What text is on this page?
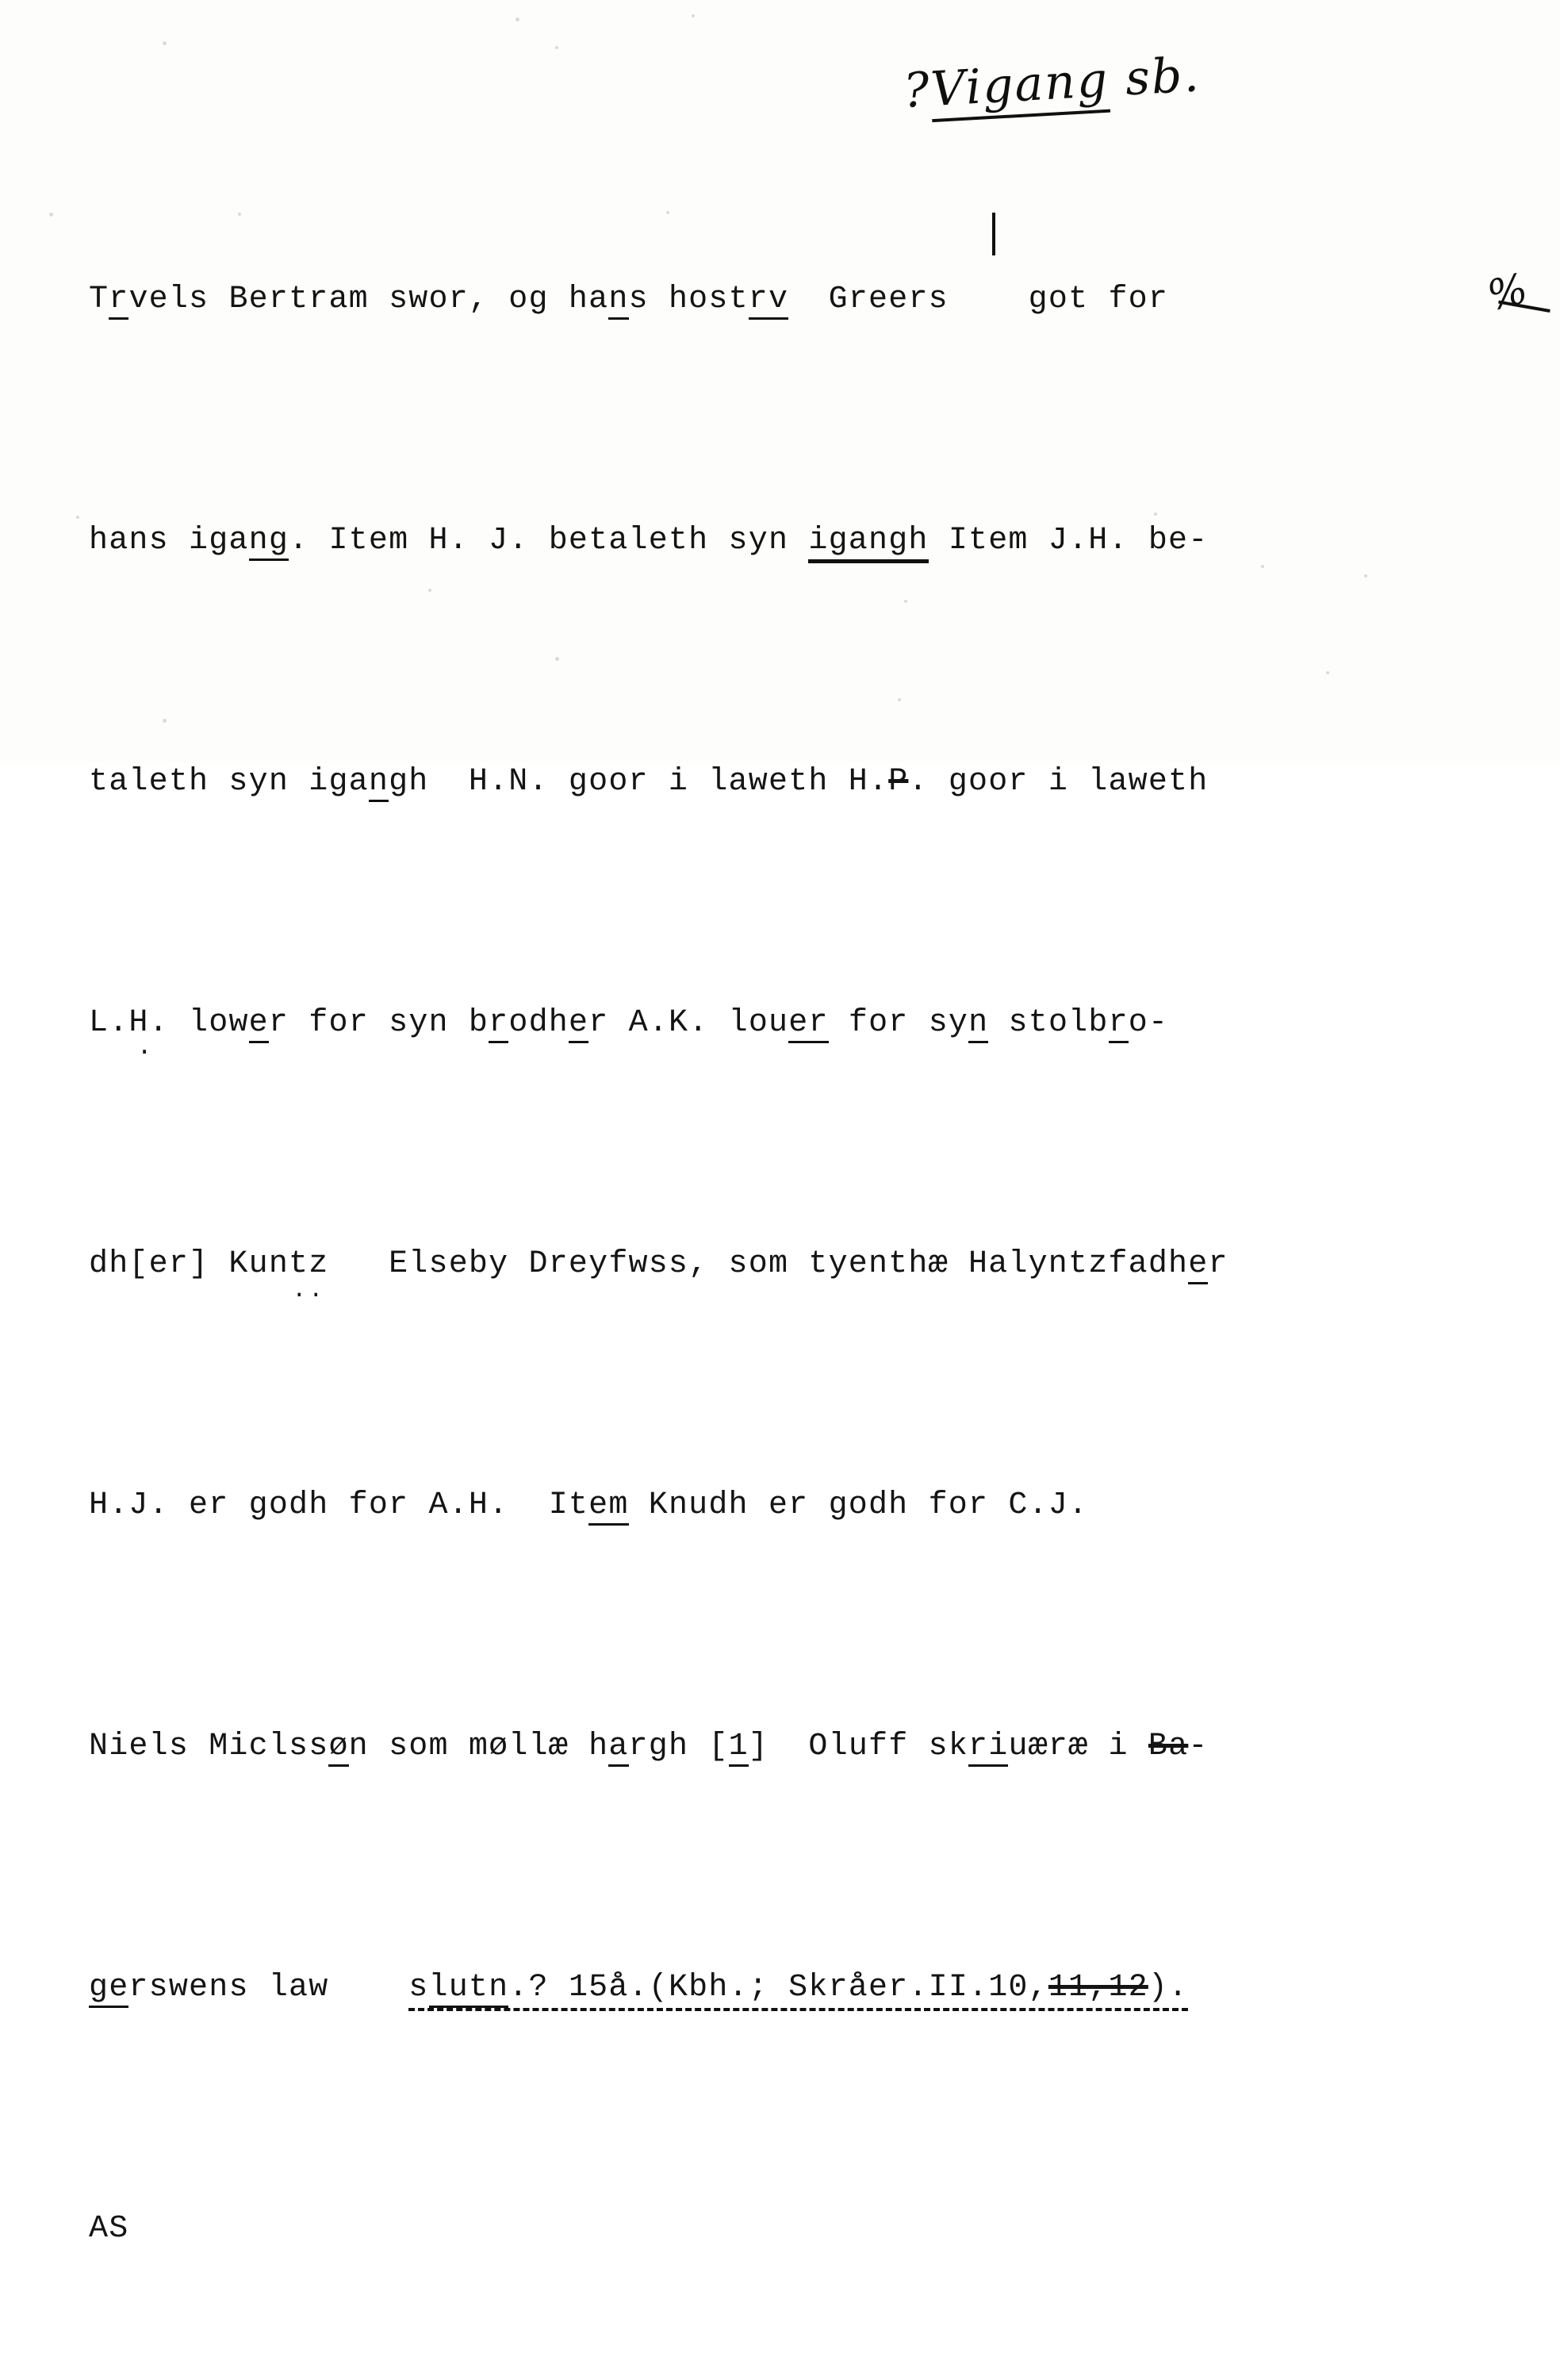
?Vigang sb.

Trvels Bertram swor, og hans hostrv  Greers    got for

hans igang. Item H. J. betaleth syn igangh Item J.H. be-

taleth syn igangh  H.N. goor i laweth H.P. goor i laweth

L.H .. lower for syn brodher A.K. louer for syn stolbro-

dh[er] Kuntz ..   Elseby Dreyfwss, som tyenthæ Halyntzfadher

H.J. er godh for A.H.  Item Knudh er godh for C.J.

Niels Miclssøn som møllæ hargh [1]  Oluff skriuæræ i Ba-

gerswens law    slutn.? 15å.(Kbh.; Skråer.II.10,11,12).

AS

%
